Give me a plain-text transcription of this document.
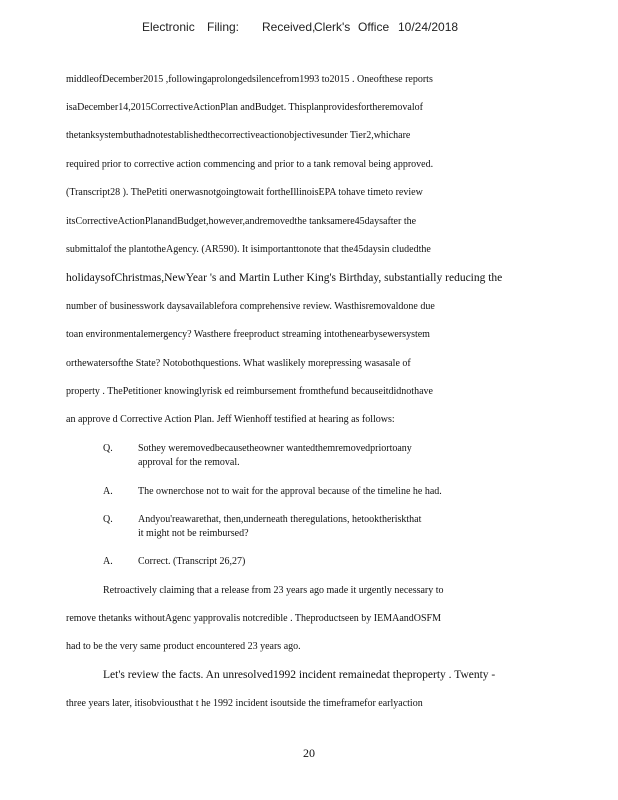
Electronic Filing: Received,
Clerk's Office 10/24/2018
middleofDecember2015 ,followingaprolongedsilencefrom1993 to2015 . Oneofthese reports
isaDecember14,2015CorrectiveActionPlan andBudget. Thisplanprovidesfortheremovalof
thetanksystembuthadnotestablishedthecorrectiveactionobjectivesunder Tier2,whichare
required prior to corrective action commencing and prior to a tank removal being approved.
(Transcript28 ). ThePetiti onerwasnotgoingtowait fortheIllinoisEPA tohave timeto review
itsCorrectiveActionPlanandBudget,however,andremovedthe tanksamere45daysafter the
submittalof the plantotheAgency. (AR590). It isimportanttonote that the45daysin cludedthe
holidaysofChristmas,NewYear 's and Martin Luther King's Birthday, substantially reducing the
number of businesswork daysavailablefora comprehensive review. Wasthisremovaldone due
toan environmentalemergency? Wasthere freeproduct streaming intothenearbysewersystem
orthewatersofthe State? Notobothquestions. What waslikely morepressing wasasale of
property . ThePetitioner knowinglyrisk ed reimbursement fromthefund becauseitdidnothave
an approve d Corrective Action Plan. Jeff Wienhoff testified at hearing as follows:
Q.	Sothey weremovedbecausetheowner wantedthemremovedpriortoany
approval for the removal.
A.	The ownerchose not to wait for the approval because of the timeline he had.
Q.	Andyou'reawarethat, then,underneath theregulations, hetooktheriskthat
it might not be reimbursed?
A.	Correct. (Transcript 26,27)
Retroactively claiming that a release from 23 years ago made it urgently necessary to
remove thetanks withoutAgenc yapprovalis notcredible . Theproductseen by IEMAandOSFM
had to be the very same product encountered 23 years ago.
Let's review the facts. An unresolved1992 incident remainedat theproperty . Twenty -
three years later, itisobviousthat t he 1992 incident isoutside the timeframefor earlyaction
20
